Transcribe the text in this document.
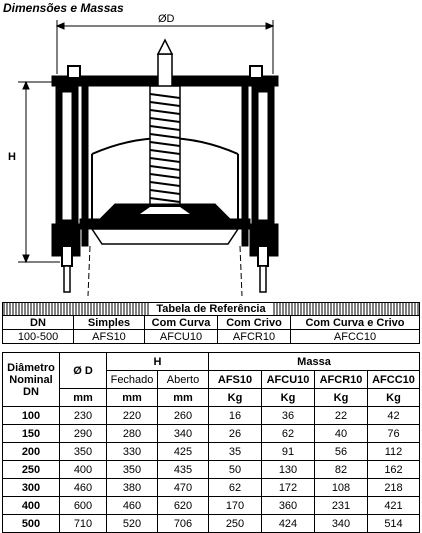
Dimensões e Massas
ØD
H
Tabela de Referência				
DN	Simples	Com Curva	Com Crivo	Com Curva e Crivo
100-500	AFS10	AFCU10	AFCR10	AFCC10
Diâmetro Nominal DN	Ø D	H		Massa			
		Fechado	Aberto	AFS10	AFCU10	AFCR10	AFCC10
	mm	mm	mm	Kg	Kg	Kg	Kg
100	230	220	260	16	36	22	42
150	290	280	340	26	62	40	76
200	350	330	425	35	91	56	112
250	400	350	435	50	130	82	162
300	460	380	470	62	172	108	218
400	600	460	620	170	360	231	421
500	710	520	706	250	424	340	514
